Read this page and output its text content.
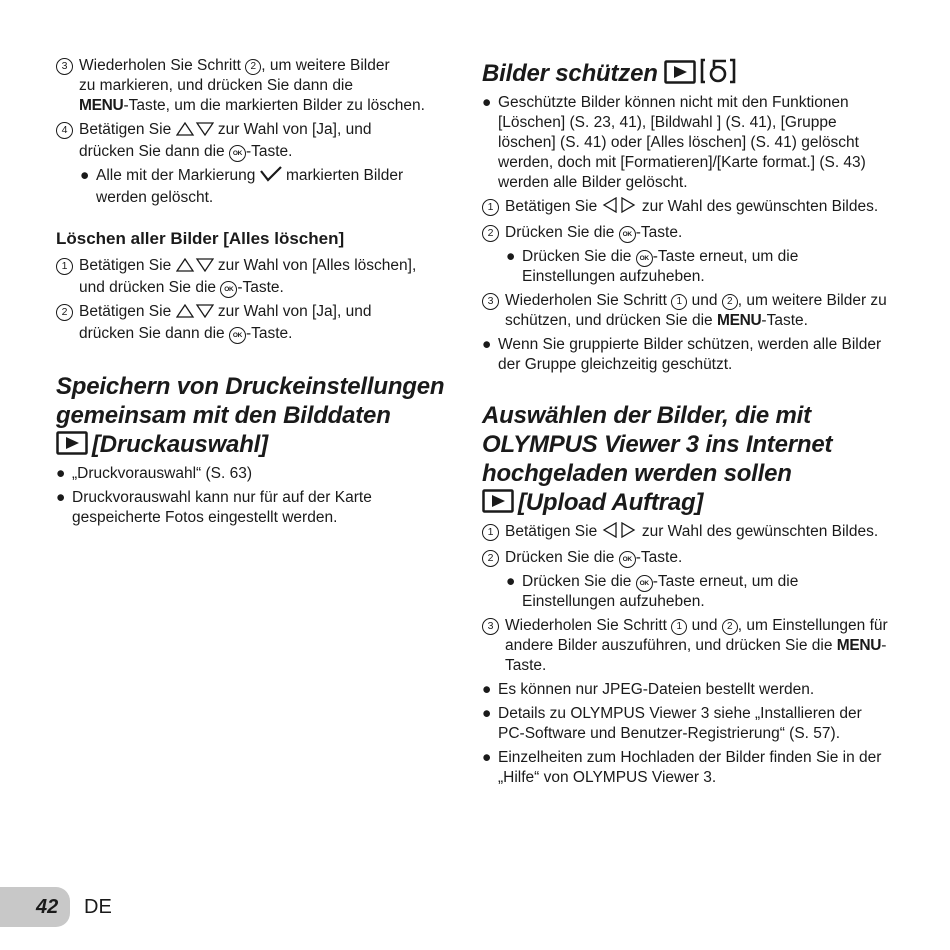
3 Wiederholen Sie Schritt 2 , um weitere Bilder
zu markieren, und drücken Sie dann die
MENU-Taste, um die markierten Bilder zu löschen.
4 Betätigen Sie  zur Wahl von [Ja], und
drücken Sie dann die OK -Taste.
● Alle mit der Markierung  markierten Bilder
werden gelöscht.
Löschen aller Bilder [Alles löschen]
1 Betätigen Sie  zur Wahl von [Alles löschen],
und drücken Sie die OK -Taste.
2 Betätigen Sie  zur Wahl von [Ja], und
drücken Sie dann die OK -Taste.
Speichern von Druckeinstellungen
gemeinsam mit den Bilddaten
[Druckauswahl]
● „Druckvorauswahl“ (S. 63)
● Druckvorauswahl kann nur für auf der Karte gespeicherte Fotos eingestellt werden.
Bilder schützen
● Geschützte Bilder können nicht mit den Funktionen [Löschen] (S. 23, 41), [Bildwahl ] (S. 41), [Gruppe löschen] (S. 41) oder [Alles löschen] (S. 41) gelöscht werden, doch mit [Formatieren]/[Karte format.] (S. 43) werden alle Bilder gelöscht.
1 Betätigen Sie  zur Wahl des gewünschten Bildes.
2 Drücken Sie die OK -Taste.
● Drücken Sie die OK -Taste erneut, um die Einstellungen aufzuheben.
3 Wiederholen Sie Schritt 1 und 2 , um weitere Bilder zu schützen, und drücken Sie die MENU-Taste.
● Wenn Sie gruppierte Bilder schützen, werden alle Bilder der Gruppe gleichzeitig geschützt.
Auswählen der Bilder, die mit
OLYMPUS Viewer 3 ins Internet
hochgeladen werden sollen
[Upload Auftrag]
1 Betätigen Sie  zur Wahl des gewünschten Bildes.
2 Drücken Sie die OK -Taste.
● Drücken Sie die OK -Taste erneut, um die Einstellungen aufzuheben.
3 Wiederholen Sie Schritt 1 und 2 , um Einstellungen für andere Bilder auszuführen, und drücken Sie die MENU-Taste.
● Es können nur JPEG-Dateien bestellt werden.
● Details zu OLYMPUS Viewer 3 siehe „Installieren der PC-Software und Benutzer-Registrierung“ (S. 57).
● Einzelheiten zum Hochladen der Bilder finden Sie in der „Hilfe“ von OLYMPUS Viewer 3.
42 DE
